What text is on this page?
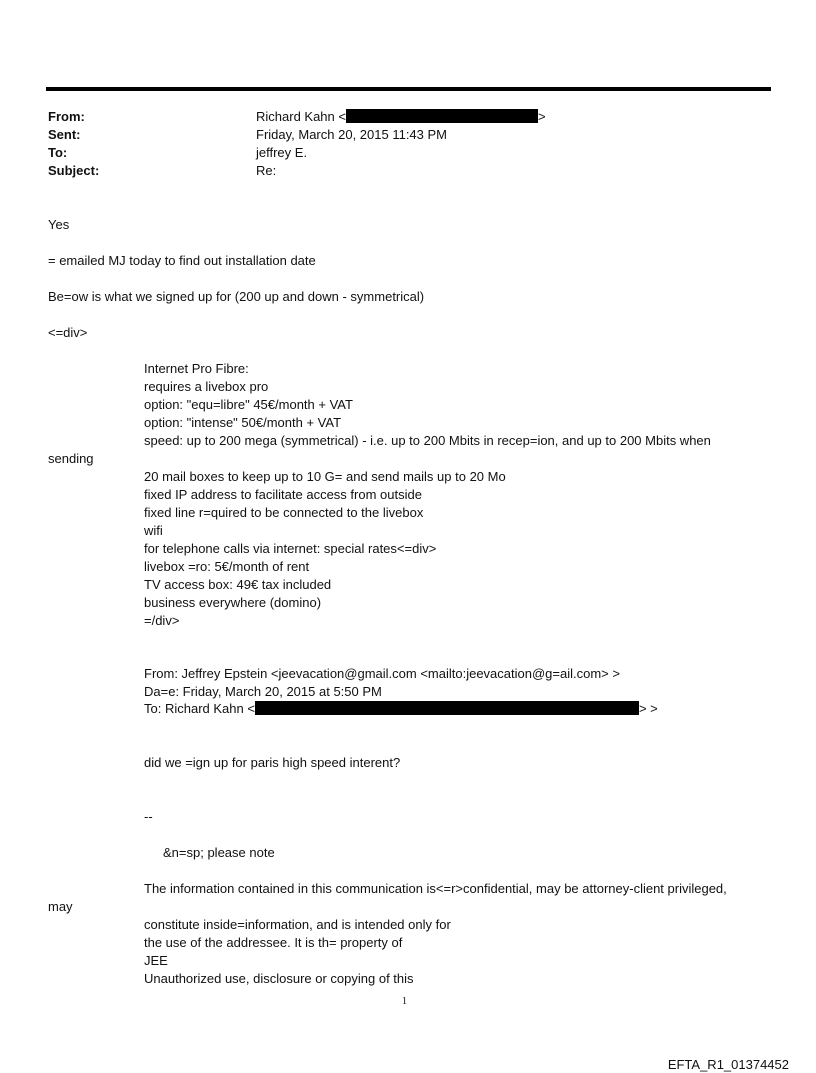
From:	Richard Kahn <	>
Sent:	Friday, March 20, 2015 11:43 PM
To:	jeffrey E.
Subject:	Re:
Yes
= emailed MJ today to find out installation date
Be=ow is what we signed up for (200 up and down - symmetrical)
<=div>
Internet Pro Fibre:
requires a livebox pro
option: "equ=libre" 45€/month + VAT
option: "intense" 50€/month + VAT
speed: up to 200 mega (symmetrical) - i.e. up to 200 Mbits in recep=ion, and up to 200 Mbits when
sending
20 mail boxes to keep up to 10 G= and send mails up to 20 Mo
fixed IP address to facilitate access from outside
fixed line r=quired to be connected to the livebox
wifi
for telephone calls via internet: special rates<=div>
livebox =ro: 5€/month of rent
TV access box: 49€ tax included
business everywhere (domino)
=/div>
From: Jeffrey Epstein <jeevacation@gmail.com <mailto:jeevacation@g=ail.com> >
Da=e: Friday, March 20, 2015 at 5:50 PM
To: Richard Kahn <	> >
did we =ign up for paris high speed interent?
--
&n=sp; please note
The information contained in this communication is<=r>confidential, may be attorney-client privileged,
may
constitute inside=information, and is intended only for
the use of the addressee. It is th= property of
JEE
Unauthorized use, disclosure or copying of this
1
EFTA_R1_01374452
